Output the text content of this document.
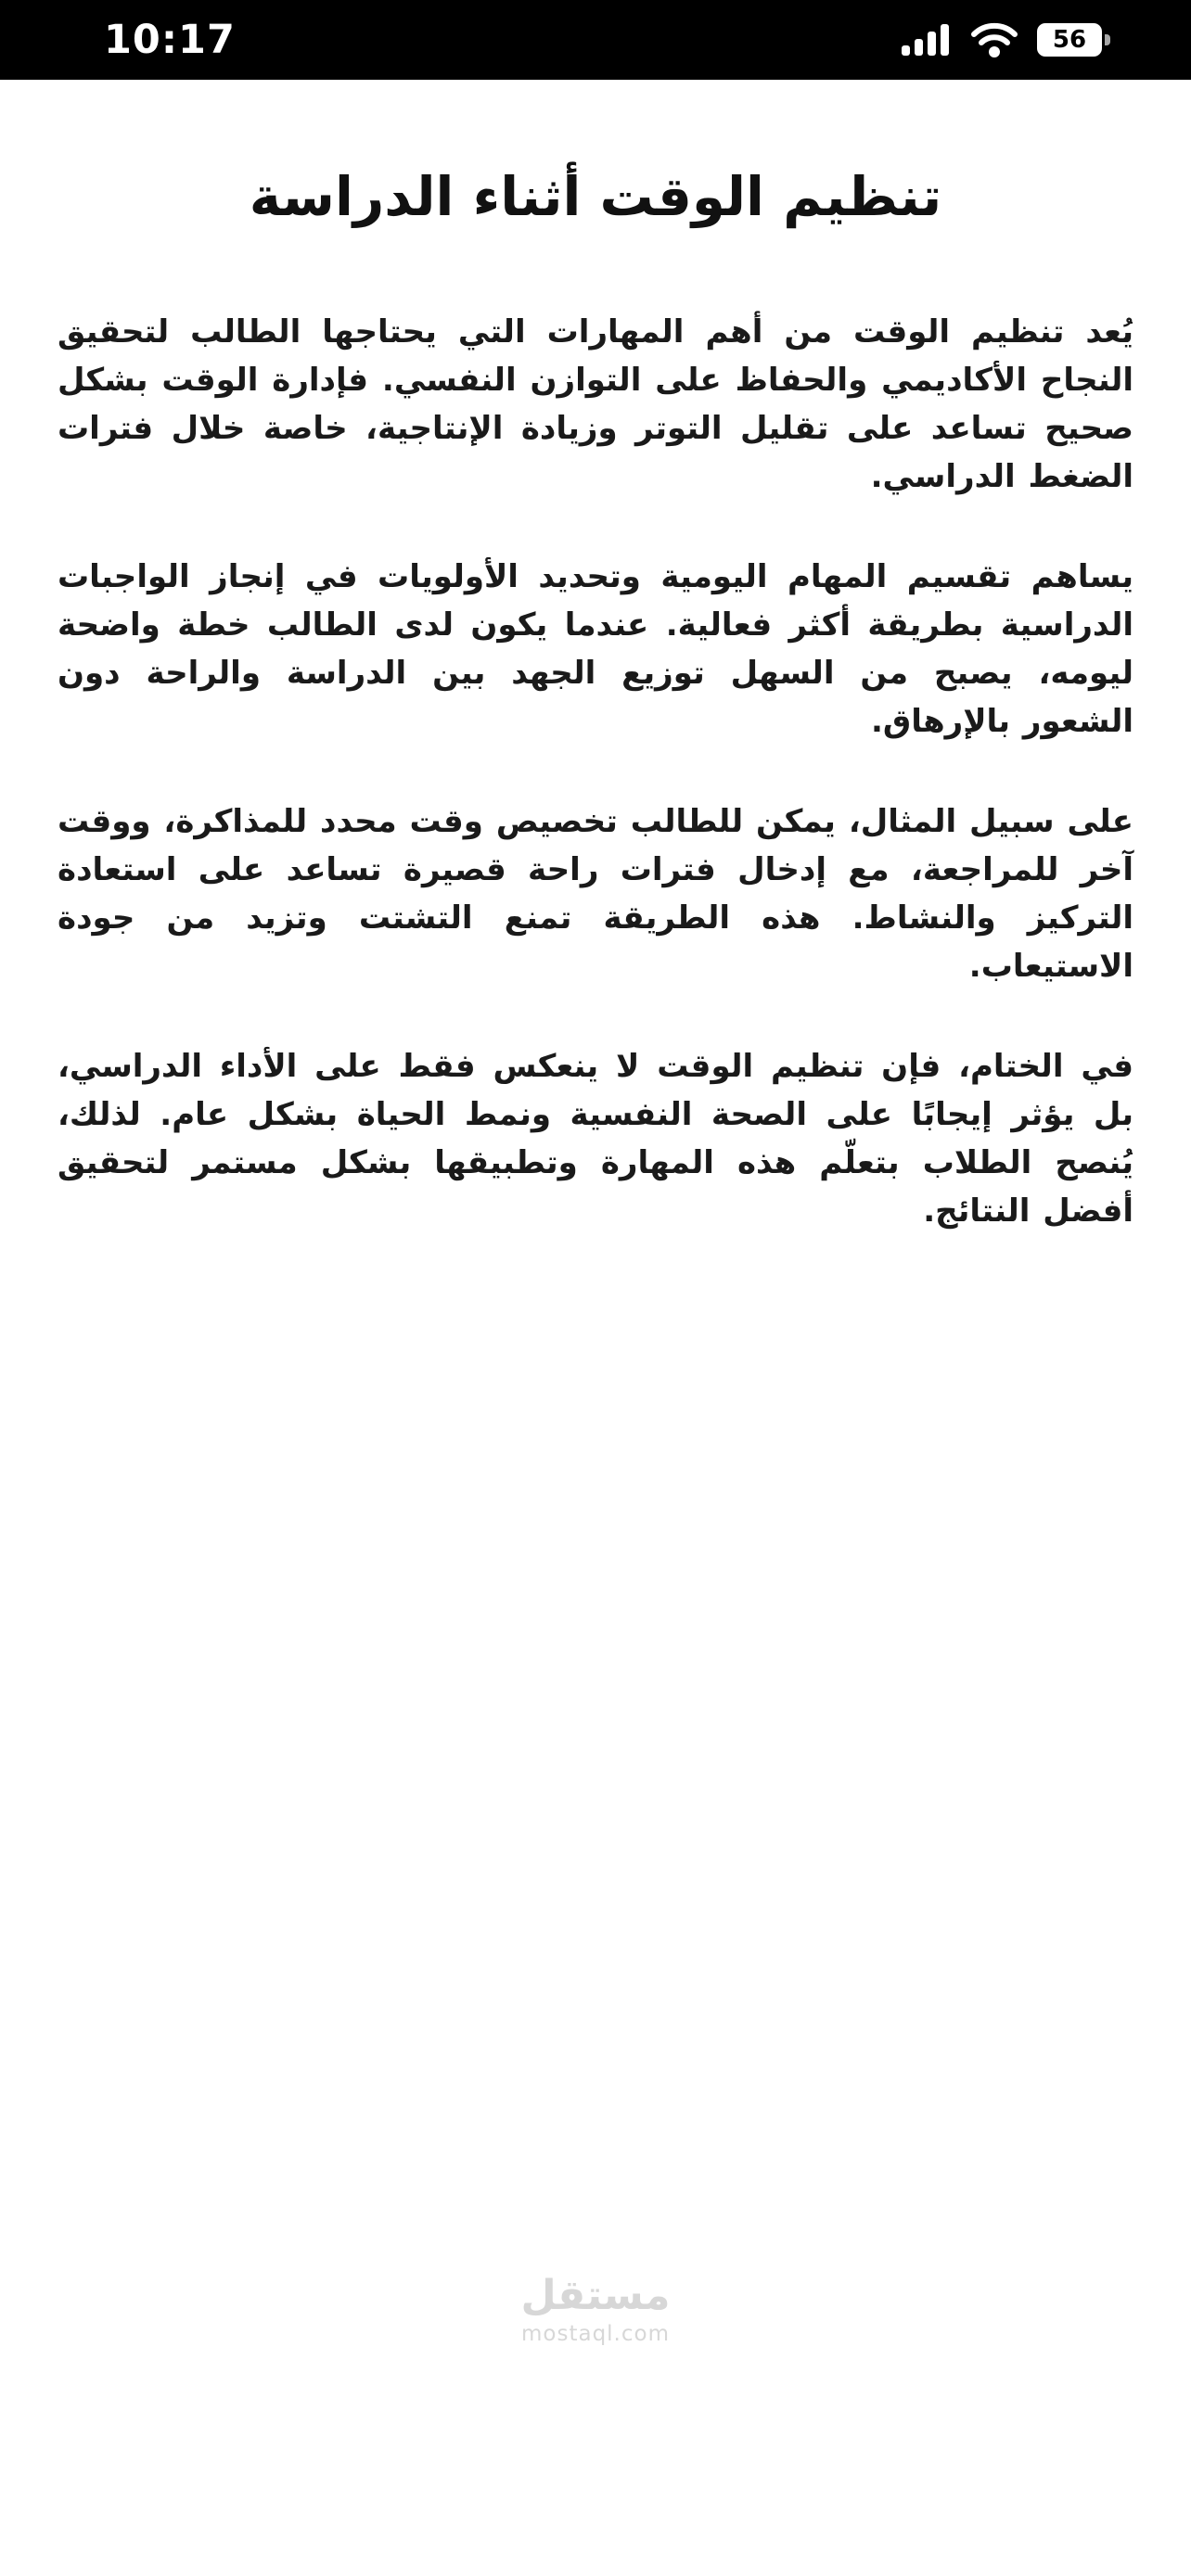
10:17	56
تنظيم الوقت أثناء الدراسة

يُعد تنظيم الوقت من أهم المهارات التي يحتاجها الطالب لتحقيق النجاح الأكاديمي والحفاظ على التوازن النفسي. فإدارة الوقت بشكل صحيح تساعد على تقليل التوتر وزيادة الإنتاجية، خاصة خلال فترات الضغط الدراسي.

يساهم تقسيم المهام اليومية وتحديد الأولويات في إنجاز الواجبات الدراسية بطريقة أكثر فعالية. عندما يكون لدى الطالب خطة واضحة ليومه، يصبح من السهل توزيع الجهد بين الدراسة والراحة دون الشعور بالإرهاق.

على سبيل المثال، يمكن للطالب تخصيص وقت محدد للمذاكرة، ووقت آخر للمراجعة، مع إدخال فترات راحة قصيرة تساعد على استعادة التركيز والنشاط. هذه الطريقة تمنع التشتت وتزيد من جودة الاستيعاب.

في الختام، فإن تنظيم الوقت لا ينعكس فقط على الأداء الدراسي، بل يؤثر إيجابًا على الصحة النفسية ونمط الحياة بشكل عام. لذلك، يُنصح الطلاب بتعلّم هذه المهارة وتطبيقها بشكل مستمر لتحقيق أفضل النتائج.

مستقل
mostaql.com
